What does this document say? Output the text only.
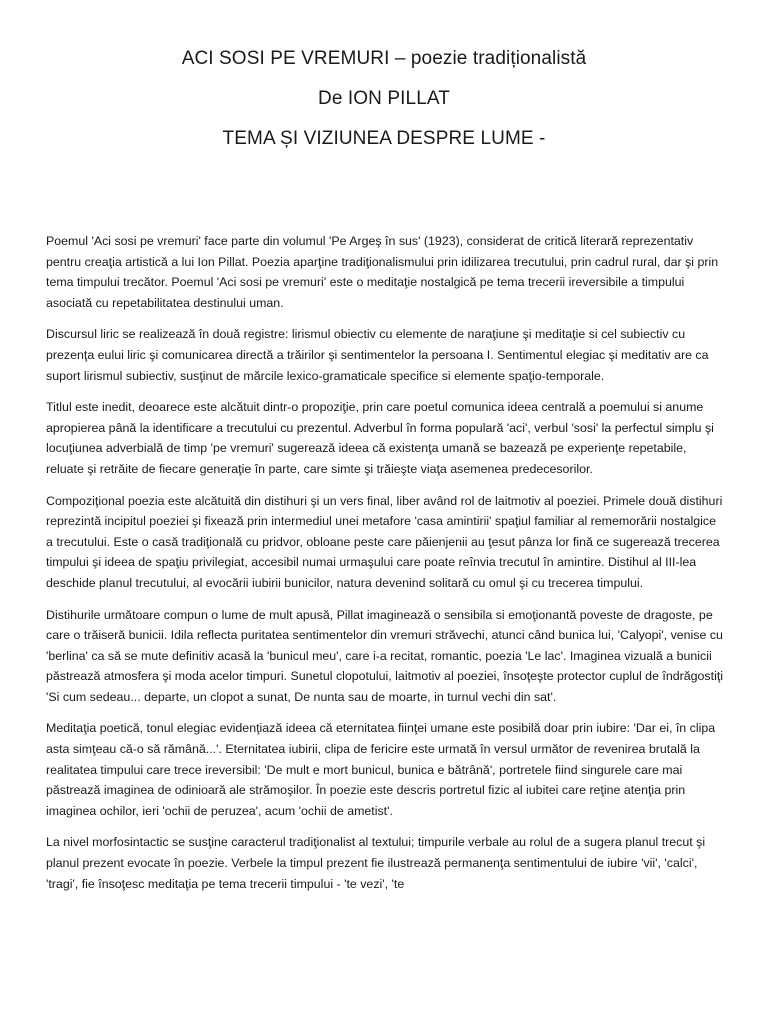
ACI SOSI PE VREMURI – poezie tradiționalistă
De ION PILLAT
TEMA ȘI VIZIUNEA DESPRE LUME -

Poemul 'Aci sosi pe vremuri' face parte din volumul 'Pe Argeş în sus' (1923), considerat de critică literară reprezentativ pentru creaţia artistică a lui Ion Pillat. Poezia aparţine tradiţionalismului prin idilizarea trecutului, prin cadrul rural, dar şi prin tema timpului trecător. Poemul 'Aci sosi pe vremuri' este o meditaţie nostalgică pe tema trecerii ireversibile a timpului asociată cu repetabilitatea destinului uman.

Discursul liric se realizează în două registre: lirismul obiectiv cu elemente de naraţiune şi meditaţie si cel subiectiv cu prezenţa eului liric şi comunicarea directă a trăirilor şi sentimentelor la persoana I. Sentimentul elegiac şi meditativ are ca suport lirismul subiectiv, susţinut de mărcile lexico-gramaticale specifice si elemente spaţio-temporale.

Titlul este inedit, deoarece este alcătuit dintr-o propoziţie, prin care poetul comunica ideea centrală a poemului si anume apropierea până la identificare a trecutului cu prezentul. Adverbul în forma populară 'aci', verbul 'sosi' la perfectul simplu şi locuţiunea adverbială de timp 'pe vremuri' sugerează ideea că existenţa umană se bazează pe experienţe repetabile, reluate şi retrăite de fiecare generaţie în parte, care simte şi trăieşte viaţa asemenea predecesorilor.

Compoziţional poezia este alcătuită din distihuri şi un vers final, liber având rol de laitmotiv al poeziei. Primele două distihuri reprezintă incipitul poeziei şi fixează prin intermediul unei metafore 'casa amintirii' spaţiul familiar al rememorării nostalgice a trecutului. Este o casă tradiţională cu pridvor, obloane peste care păienjenii au ţesut pânza lor fină ce sugerează trecerea timpului şi ideea de spaţiu privilegiat, accesibil numai urmaşului care poate reînvia trecutul în amintire. Distihul al III-lea deschide planul trecutului, al evocării iubirii bunicilor, natura devenind solitară cu omul şi cu trecerea timpului.

Distihurile următoare compun o lume de mult apusă, Pillat imaginează o sensibila si emoţionantă poveste de dragoste, pe care o trăiseră bunicii. Idila reflecta puritatea sentimentelor din vremuri străvechi, atunci când bunica lui, 'Calyopi', venise cu 'berlina' ca să se mute definitiv acasă la 'bunicul meu', care i-a recitat, romantic, poezia 'Le lac'. Imaginea vizuală a bunicii păstrează atmosfera şi moda acelor timpuri. Sunetul clopotului, laitmotiv al poeziei, însoţeşte protector cuplul de îndrăgostiţi 'Si cum sedeau... departe, un clopot a sunat, De nunta sau de moarte, in turnul vechi din sat'.

Meditaţia poetică, tonul elegiac evidenţiază ideea că eternitatea fiinţei umane este posibilă doar prin iubire: 'Dar ei, în clipa asta simţeau că-o să rămână...'. Eternitatea iubirii, clipa de fericire este urmată în versul următor de revenirea brutală la realitatea timpului care trece ireversibil: 'De mult e mort bunicul, bunica e bătrână', portretele fiind singurele care mai păstrează imaginea de odinioară ale strămoşilor. În poezie este descris portretul fizic al iubitei care reţine atenţia prin imaginea ochilor, ieri 'ochii de peruzea', acum 'ochii de ametist'.

La nivel morfosintactic se susţine caracterul tradiţionalist al textului; timpurile verbale au rolul de a sugera planul trecut şi planul prezent evocate în poezie. Verbele la timpul prezent fie ilustrează permanenţa sentimentului de iubire 'vii', 'calci', 'tragi', fie însoţesc meditaţia pe tema trecerii timpului - 'te vezi', 'te
